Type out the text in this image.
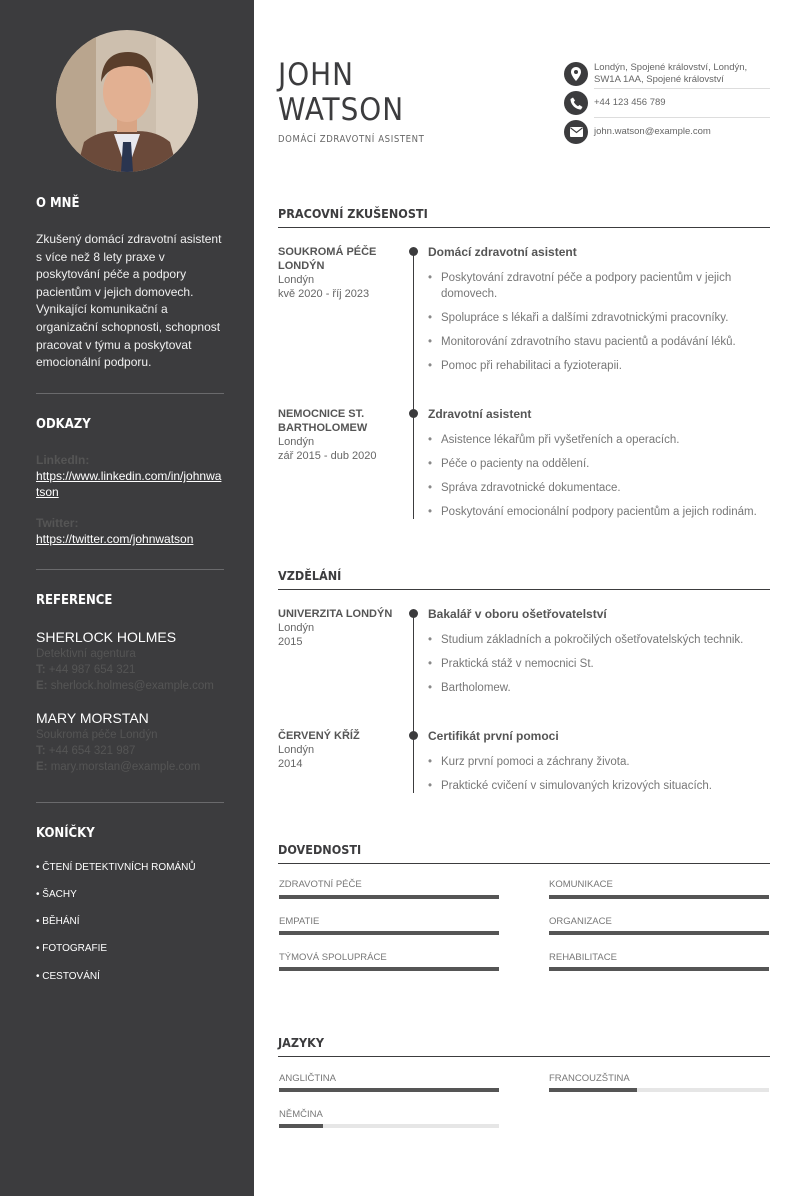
O MNĚ
Zkušený domácí zdravotní asistent s více než 8 lety praxe v poskytování péče a podpory pacientům v jejich domovech. Vynikající komunikační a organizační schopnosti, schopnost pracovat v týmu a poskytovat emocionální podporu.
ODKAZY
LinkedIn:
https://www.linkedin.com/in/johnwatson
Twitter:
https://twitter.com/johnwatson
REFERENCE
SHERLOCK HOLMES
Detektivní agentura
T: +44 987 654 321
E: sherlock.holmes@example.com
MARY MORSTAN
Soukromá péče Londýn
T: +44 654 321 987
E: mary.morstan@example.com
KONÍČKY
• ČTENÍ DETEKTIVNÍCH ROMÁNŮ
• ŠACHY
• BĚHÁNÍ
• FOTOGRAFIE
• CESTOVÁNÍ
JOHN
WATSON
DOMÁCÍ ZDRAVOTNÍ ASISTENT
Londýn, Spojené království, Londýn, SW1A 1AA, Spojené království
+44 123 456 789
john.watson@example.com
PRACOVNÍ ZKUŠENOSTI
SOUKROMÁ PÉČE LONDÝN
Londýn
kvě 2020 - říj 2023
Domácí zdravotní asistent
• Poskytování zdravotní péče a podpory pacientům v jejich domovech.
• Spolupráce s lékaři a dalšími zdravotnickými pracovníky.
• Monitorování zdravotního stavu pacientů a podávání léků.
• Pomoc při rehabilitaci a fyzioterapii.
NEMOCNICE ST. BARTHOLOMEW
Londýn
zář 2015 - dub 2020
Zdravotní asistent
• Asistence lékařům při vyšetřeních a operacích.
• Péče o pacienty na oddělení.
• Správa zdravotnické dokumentace.
• Poskytování emocionální podpory pacientům a jejich rodinám.
VZDĚLÁNÍ
UNIVERZITA LONDÝN
Londýn
2015
Bakalář v oboru ošetřovatelství
• Studium základních a pokročilých ošetřovatelských technik.
• Praktická stáž v nemocnici St.
• Bartholomew.
ČERVENÝ KŘÍŽ
Londýn
2014
Certifikát první pomoci
• Kurz první pomoci a záchrany života.
• Praktické cvičení v simulovaných krizových situacích.
DOVEDNOSTI
ZDRAVOTNÍ PÉČE	KOMUNIKACE
EMPATIE	ORGANIZACE
TÝMOVÁ SPOLUPRÁCE	REHABILITACE
JAZYKY
ANGLIČTINA	FRANCOUZŠTINA
NĚMČINA
